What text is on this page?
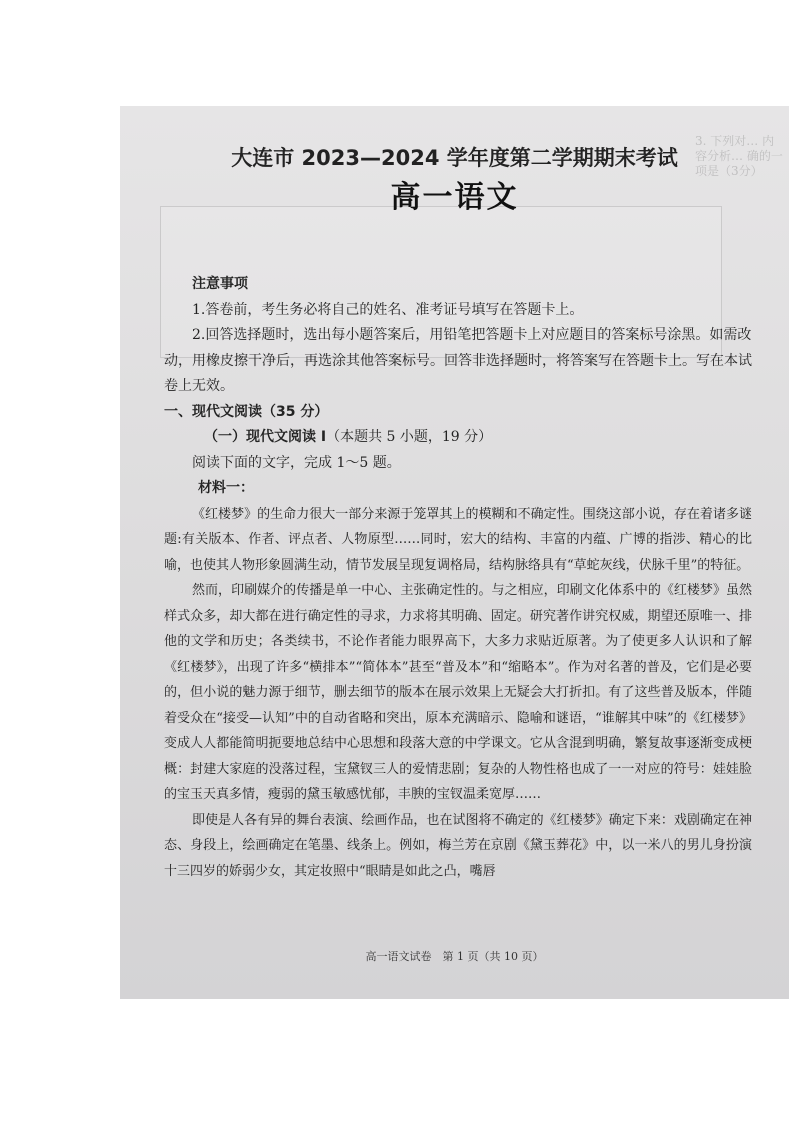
3. 下列对… 内容分析… 确的一项是（3分）
大连市 2023—2024 学年度第二学期期末考试
高一语文

注意事项

1.答卷前，考生务必将自己的姓名、准考证号填写在答题卡上。

2.回答选择题时，选出每小题答案后，用铅笔把答题卡上对应题目的答案标号涂黑。如需改动，用橡皮擦干净后，再选涂其他答案标号。回答非选择题时，将答案写在答题卡上。写在本试卷上无效。

一、现代文阅读（35 分）

（一）现代文阅读 I（本题共 5 小题，19 分）

阅读下面的文字，完成 1～5 题。

材料一：

《红楼梦》的生命力很大一部分来源于笼罩其上的模糊和不确定性。围绕这部小说，存在着诸多谜题:有关版本、作者、评点者、人物原型……同时，宏大的结构、丰富的内蕴、广博的指涉、精心的比喻，也使其人物形象圆满生动，情节发展呈现复调格局，结构脉络具有“草蛇灰线，伏脉千里”的特征。

然而，印刷媒介的传播是单一中心、主张确定性的。与之相应，印刷文化体系中的《红楼梦》虽然样式众多，却大都在进行确定性的寻求，力求将其明确、固定。研究著作讲究权威，期望还原唯一、排他的文学和历史；各类续书，不论作者能力眼界高下，大多力求贴近原著。为了使更多人认识和了解《红楼梦》，出现了许多“横排本”“简体本”甚至“普及本”和“缩略本”。作为对名著的普及，它们是必要的，但小说的魅力源于细节，删去细节的版本在展示效果上无疑会大打折扣。有了这些普及版本，伴随着受众在“接受—认知”中的自动省略和突出，原本充满暗示、隐喻和谜语，“谁解其中味”的《红楼梦》变成人人都能简明扼要地总结中心思想和段落大意的中学课文。它从含混到明确，繁复故事逐渐变成梗概：封建大家庭的没落过程，宝黛钗三人的爱情悲剧；复杂的人物性格也成了一一对应的符号：娃娃脸的宝玉天真多情，瘦弱的黛玉敏感忧郁，丰腴的宝钗温柔宽厚……

即使是人各有异的舞台表演、绘画作品，也在试图将不确定的《红楼梦》确定下来：戏剧确定在神态、身段上，绘画确定在笔墨、线条上。例如，梅兰芳在京剧《黛玉葬花》中，以一米八的男儿身扮演十三四岁的娇弱少女，其定妆照中“眼睛是如此之凸，嘴唇

高一语文试卷　第 1 页（共 10 页）
